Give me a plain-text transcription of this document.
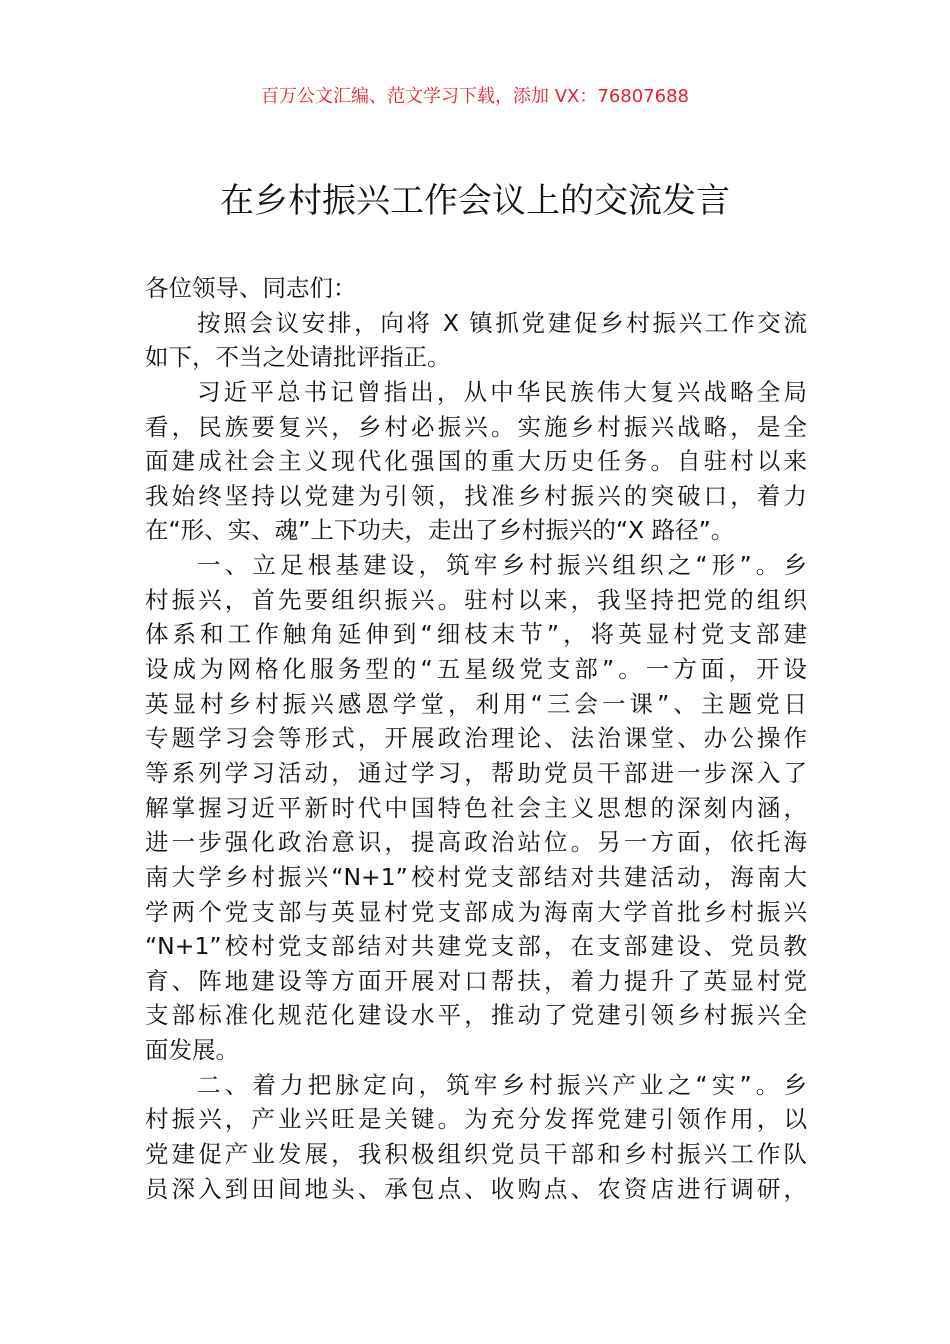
百万公文汇编、范文学习下载，添加 VX：76807688
在乡村振兴工作会议上的交流发言
各位领导、同志们：
按照会议安排，向将 X 镇抓党建促乡村振兴工作交流
如下，不当之处请批评指正。
习近平总书记曾指出，从中华民族伟大复兴战略全局
看，民族要复兴，乡村必振兴。实施乡村振兴战略，是全
面建成社会主义现代化强国的重大历史任务。自驻村以来
我始终坚持以党建为引领，找准乡村振兴的突破口，着力
在“形、实、魂”上下功夫，走出了乡村振兴的“X 路径”。
一、立足根基建设，筑牢乡村振兴组织之“形”。乡
村振兴，首先要组织振兴。驻村以来，我坚持把党的组织
体系和工作触角延伸到“细枝末节”，将英显村党支部建
设成为网格化服务型的“五星级党支部”。一方面，开设
英显村乡村振兴感恩学堂，利用“三会一课”、主题党日
专题学习会等形式，开展政治理论、法治课堂、办公操作
等系列学习活动，通过学习，帮助党员干部进一步深入了
解掌握习近平新时代中国特色社会主义思想的深刻内涵，
进一步强化政治意识，提高政治站位。另一方面，依托海
南大学乡村振兴“N+1”校村党支部结对共建活动，海南大
学两个党支部与英显村党支部成为海南大学首批乡村振兴
“N+1”校村党支部结对共建党支部，在支部建设、党员教
育、阵地建设等方面开展对口帮扶，着力提升了英显村党
支部标准化规范化建设水平，推动了党建引领乡村振兴全
面发展。
二、着力把脉定向，筑牢乡村振兴产业之“实”。乡
村振兴，产业兴旺是关键。为充分发挥党建引领作用，以
党建促产业发展，我积极组织党员干部和乡村振兴工作队
员深入到田间地头、承包点、收购点、农资店进行调研，
